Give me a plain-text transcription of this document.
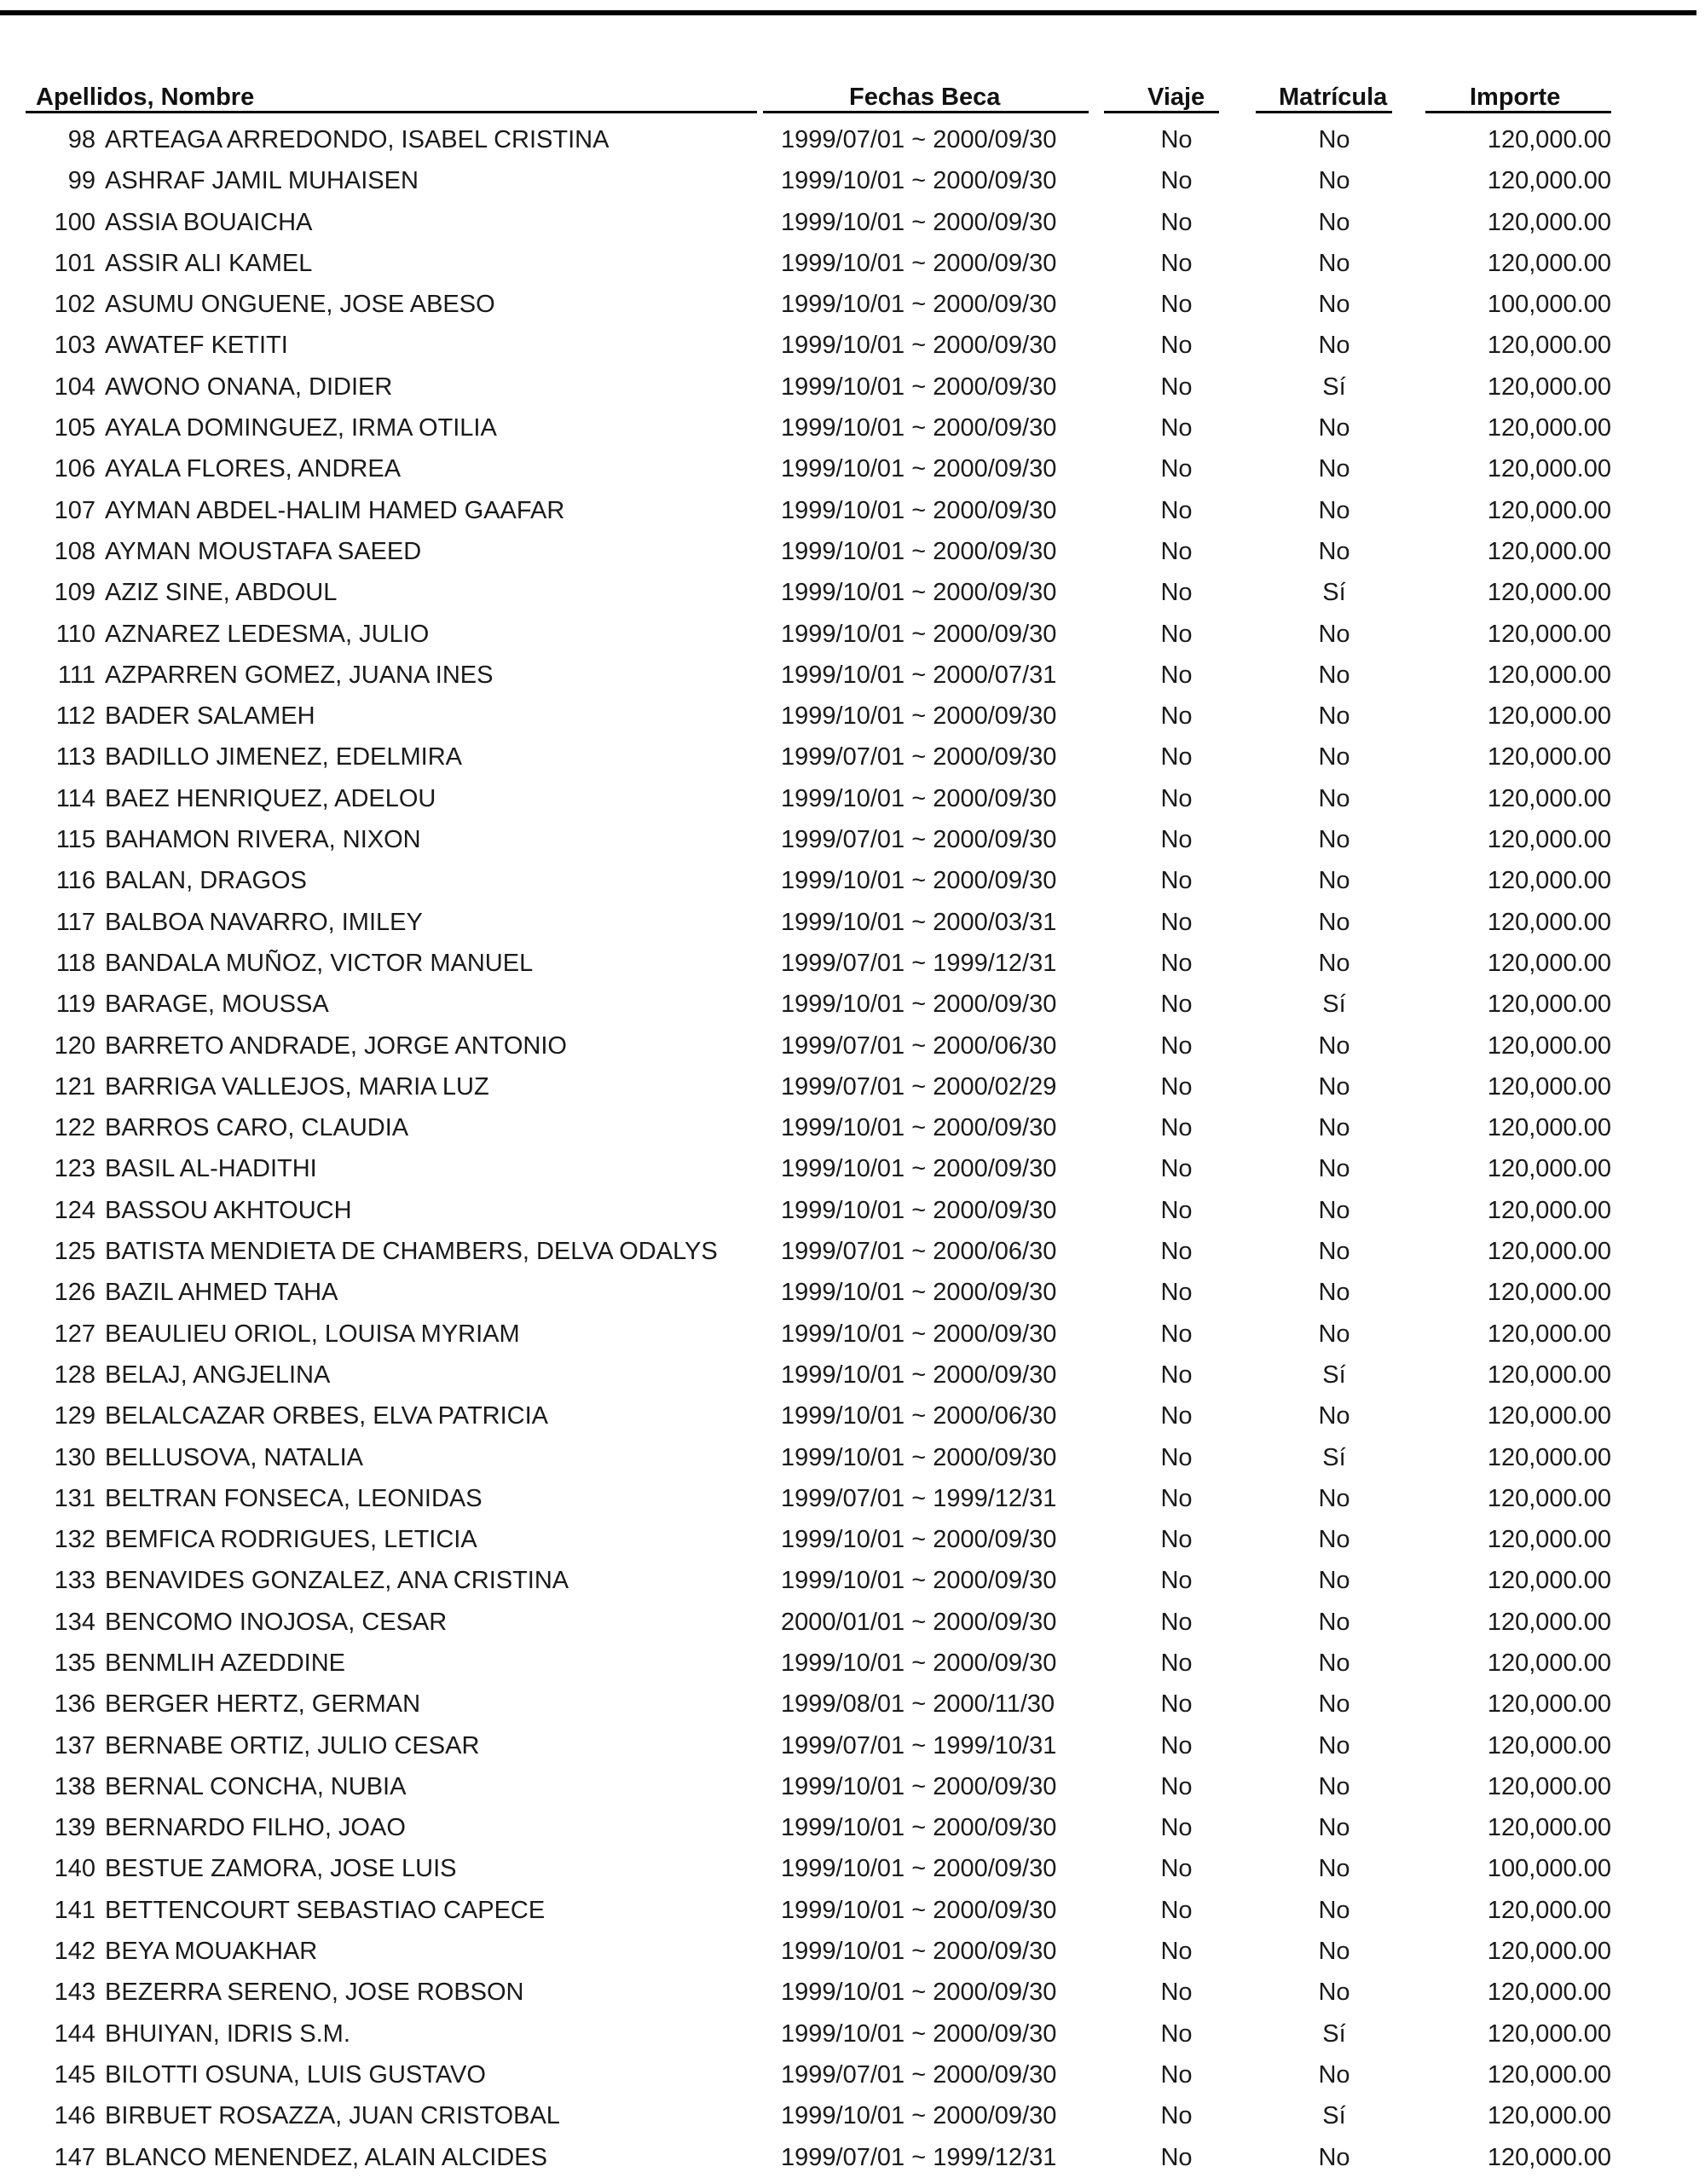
Apellidos, Nombre	Fechas Beca	Viaje	Matrícula	Importe
98 ARTEAGA ARREDONDO, ISABEL CRISTINA	1999/07/01 ~ 2000/09/30	No	No	120,000.00
99 ASHRAF JAMIL MUHAISEN	1999/10/01 ~ 2000/09/30	No	No	120,000.00
100 ASSIA BOUAICHA	1999/10/01 ~ 2000/09/30	No	No	120,000.00
101 ASSIR ALI KAMEL	1999/10/01 ~ 2000/09/30	No	No	120,000.00
102 ASUMU ONGUENE, JOSE ABESO	1999/10/01 ~ 2000/09/30	No	No	100,000.00
103 AWATEF KETITI	1999/10/01 ~ 2000/09/30	No	No	120,000.00
104 AWONO ONANA, DIDIER	1999/10/01 ~ 2000/09/30	No	Sí	120,000.00
105 AYALA DOMINGUEZ, IRMA OTILIA	1999/10/01 ~ 2000/09/30	No	No	120,000.00
106 AYALA FLORES, ANDREA	1999/10/01 ~ 2000/09/30	No	No	120,000.00
107 AYMAN ABDEL-HALIM HAMED GAAFAR	1999/10/01 ~ 2000/09/30	No	No	120,000.00
108 AYMAN MOUSTAFA SAEED	1999/10/01 ~ 2000/09/30	No	No	120,000.00
109 AZIZ SINE, ABDOUL	1999/10/01 ~ 2000/09/30	No	Sí	120,000.00
110 AZNAREZ LEDESMA, JULIO	1999/10/01 ~ 2000/09/30	No	No	120,000.00
111 AZPARREN GOMEZ, JUANA INES	1999/10/01 ~ 2000/07/31	No	No	120,000.00
112 BADER SALAMEH	1999/10/01 ~ 2000/09/30	No	No	120,000.00
113 BADILLO JIMENEZ, EDELMIRA	1999/07/01 ~ 2000/09/30	No	No	120,000.00
114 BAEZ HENRIQUEZ, ADELOU	1999/10/01 ~ 2000/09/30	No	No	120,000.00
115 BAHAMON RIVERA, NIXON	1999/07/01 ~ 2000/09/30	No	No	120,000.00
116 BALAN, DRAGOS	1999/10/01 ~ 2000/09/30	No	No	120,000.00
117 BALBOA NAVARRO, IMILEY	1999/10/01 ~ 2000/03/31	No	No	120,000.00
118 BANDALA MUÑOZ, VICTOR MANUEL	1999/07/01 ~ 1999/12/31	No	No	120,000.00
119 BARAGE, MOUSSA	1999/10/01 ~ 2000/09/30	No	Sí	120,000.00
120 BARRETO ANDRADE, JORGE ANTONIO	1999/07/01 ~ 2000/06/30	No	No	120,000.00
121 BARRIGA VALLEJOS, MARIA LUZ	1999/07/01 ~ 2000/02/29	No	No	120,000.00
122 BARROS CARO, CLAUDIA	1999/10/01 ~ 2000/09/30	No	No	120,000.00
123 BASIL AL-HADITHI	1999/10/01 ~ 2000/09/30	No	No	120,000.00
124 BASSOU AKHTOUCH	1999/10/01 ~ 2000/09/30	No	No	120,000.00
125 BATISTA MENDIETA DE CHAMBERS, DELVA ODALYS	1999/07/01 ~ 2000/06/30	No	No	120,000.00
126 BAZIL AHMED TAHA	1999/10/01 ~ 2000/09/30	No	No	120,000.00
127 BEAULIEU ORIOL, LOUISA MYRIAM	1999/10/01 ~ 2000/09/30	No	No	120,000.00
128 BELAJ, ANGJELINA	1999/10/01 ~ 2000/09/30	No	Sí	120,000.00
129 BELALCAZAR ORBES, ELVA PATRICIA	1999/10/01 ~ 2000/06/30	No	No	120,000.00
130 BELLUSOVA, NATALIA	1999/10/01 ~ 2000/09/30	No	Sí	120,000.00
131 BELTRAN FONSECA, LEONIDAS	1999/07/01 ~ 1999/12/31	No	No	120,000.00
132 BEMFICA RODRIGUES, LETICIA	1999/10/01 ~ 2000/09/30	No	No	120,000.00
133 BENAVIDES GONZALEZ, ANA CRISTINA	1999/10/01 ~ 2000/09/30	No	No	120,000.00
134 BENCOMO INOJOSA, CESAR	2000/01/01 ~ 2000/09/30	No	No	120,000.00
135 BENMLIH AZEDDINE	1999/10/01 ~ 2000/09/30	No	No	120,000.00
136 BERGER HERTZ, GERMAN	1999/08/01 ~ 2000/11/30	No	No	120,000.00
137 BERNABE ORTIZ, JULIO CESAR	1999/07/01 ~ 1999/10/31	No	No	120,000.00
138 BERNAL CONCHA, NUBIA	1999/10/01 ~ 2000/09/30	No	No	120,000.00
139 BERNARDO FILHO, JOAO	1999/10/01 ~ 2000/09/30	No	No	120,000.00
140 BESTUE ZAMORA, JOSE LUIS	1999/10/01 ~ 2000/09/30	No	No	100,000.00
141 BETTENCOURT SEBASTIAO CAPECE	1999/10/01 ~ 2000/09/30	No	No	120,000.00
142 BEYA MOUAKHAR	1999/10/01 ~ 2000/09/30	No	No	120,000.00
143 BEZERRA SERENO, JOSE ROBSON	1999/10/01 ~ 2000/09/30	No	No	120,000.00
144 BHUIYAN, IDRIS S.M.	1999/10/01 ~ 2000/09/30	No	Sí	120,000.00
145 BILOTTI OSUNA, LUIS GUSTAVO	1999/07/01 ~ 2000/09/30	No	No	120,000.00
146 BIRBUET ROSAZZA, JUAN CRISTOBAL	1999/10/01 ~ 2000/09/30	No	Sí	120,000.00
147 BLANCO MENENDEZ, ALAIN ALCIDES	1999/07/01 ~ 1999/12/31	No	No	120,000.00
